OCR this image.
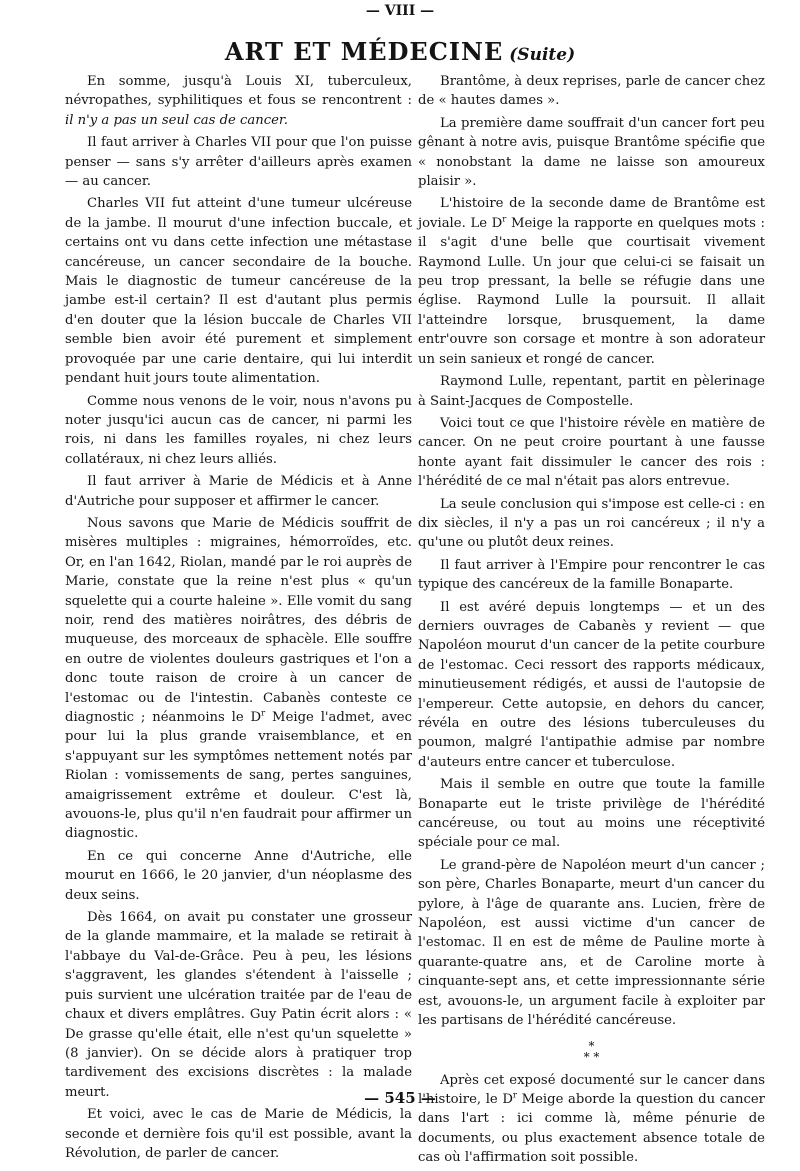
— VIII —
ART ET MÉDECINE (Suite)

En somme, jusqu'à Louis XI, tuberculeux, névropathes, syphilitiques et fous se rencontrent : il n'y a pas un seul cas de cancer.

Il faut arriver à Charles VII pour que l'on puisse penser — sans s'y arrêter d'ailleurs après examen — au cancer.

Charles VII fut atteint d'une tumeur ulcéreuse de la jambe. Il mourut d'une infection buccale, et certains ont vu dans cette infection une métastase cancéreuse, un cancer secondaire de la bouche. Mais le diagnostic de tumeur cancéreuse de la jambe est-il certain? Il est d'autant plus permis d'en douter que la lésion buccale de Charles VII semble bien avoir été purement et simplement provoquée par une carie dentaire, qui lui interdit pendant huit jours toute alimentation.

Comme nous venons de le voir, nous n'avons pu noter jusqu'ici aucun cas de cancer, ni parmi les rois, ni dans les familles royales, ni chez leurs collatéraux, ni chez leurs alliés.

Il faut arriver à Marie de Médicis et à Anne d'Autriche pour supposer et affirmer le cancer.

Nous savons que Marie de Médicis souffrit de misères multiples : migraines, hémorroïdes, etc. Or, en l'an 1642, Riolan, mandé par le roi auprès de Marie, constate que la reine n'est plus « qu'un squelette qui a courte haleine ». Elle vomit du sang noir, rend des matières noirâtres, des débris de muqueuse, des morceaux de sphacèle. Elle souffre en outre de violentes douleurs gastriques et l'on a donc toute raison de croire à un cancer de l'estomac ou de l'intestin. Cabanès conteste ce diagnostic ; néanmoins le $D^r$ Meige l'admet, avec pour lui la plus grande vraisemblance, et en s'appuyant sur les symptômes nettement notés par Riolan : vomissements de sang, pertes sanguines, amaigrissement extrême et douleur. C'est là, avouons-le, plus qu'il n'en faudrait pour affirmer un diagnostic.

En ce qui concerne Anne d'Autriche, elle mourut en 1666, le 20 janvier, d'un néoplasme des deux seins.

Dès 1664, on avait pu constater une grosseur de la glande mammaire, et la malade se retirait à l'abbaye du Val-de-Grâce. Peu à peu, les lésions s'aggravent, les glandes s'étendent à l'aisselle ; puis survient une ulcération traitée par de l'eau de chaux et divers emplâtres. Guy Patin écrit alors : « De grasse qu'elle était, elle n'est qu'un squelette » (8 janvier). On se décide alors à pratiquer trop tardivement des excisions discrètes : la malade meurt.

Et voici, avec le cas de Marie de Médicis, la seconde et dernière fois qu'il est possible, avant la Révolution, de parler de cancer.

Brantôme, à deux reprises, parle de cancer chez de « hautes dames ».

La première dame souffrait d'un cancer fort peu gênant à notre avis, puisque Brantôme spécifie que « nonobstant la dame ne laisse son amoureux plaisir ».

L'histoire de la seconde dame de Brantôme est joviale. Le $D^r$ Meige la rapporte en quelques mots : il s'agit d'une belle que courtisait vivement Raymond Lulle. Un jour que celui-ci se faisait un peu trop pressant, la belle se réfugie dans une église. Raymond Lulle la poursuit. Il allait l'atteindre lorsque, brusquement, la dame entr'ouvre son corsage et montre à son adorateur un sein sanieux et rongé de cancer.

Raymond Lulle, repentant, partit en pèlerinage à Saint-Jacques de Compostelle.

Voici tout ce que l'histoire révèle en matière de cancer. On ne peut croire pourtant à une fausse honte ayant fait dissimuler le cancer des rois : l'hérédité de ce mal n'était pas alors entrevue.

La seule conclusion qui s'impose est celle-ci : en dix siècles, il n'y a pas un roi cancéreux ; il n'y a qu'une ou plutôt deux reines.

Il faut arriver à l'Empire pour rencontrer le cas typique des cancéreux de la famille Bonaparte.

Il est avéré depuis longtemps — et un des derniers ouvrages de Cabanès y revient — que Napoléon mourut d'un cancer de la petite courbure de l'estomac. Ceci ressort des rapports médicaux, minutieusement rédigés, et aussi de l'autopsie de l'empereur. Cette autopsie, en dehors du cancer, révéla en outre des lésions tuberculeuses du poumon, malgré l'antipathie admise par nombre d'auteurs entre cancer et tuberculose.

Mais il semble en outre que toute la famille Bonaparte eut le triste privilège de l'hérédité cancéreuse, ou tout au moins une réceptivité spéciale pour ce mal.

Le grand-père de Napoléon meurt d'un cancer ; son père, Charles Bonaparte, meurt d'un cancer du pylore, à l'âge de quarante ans. Lucien, frère de Napoléon, est aussi victime d'un cancer de l'estomac. Il en est de même de Pauline morte à quarante-quatre ans, et de Caroline morte à cinquante-sept ans, et cette impressionnante série est, avouons-le, un argument facile à exploiter par les partisans de l'hérédité cancéreuse.

*
* *

Après cet exposé documenté sur le cancer dans l'histoire, le $D^r$ Meige aborde la question du cancer dans l'art : ici comme là, même pénurie de documents, ou plus exactement absence totale de cas où l'affirmation soit possible.

— 545 —
